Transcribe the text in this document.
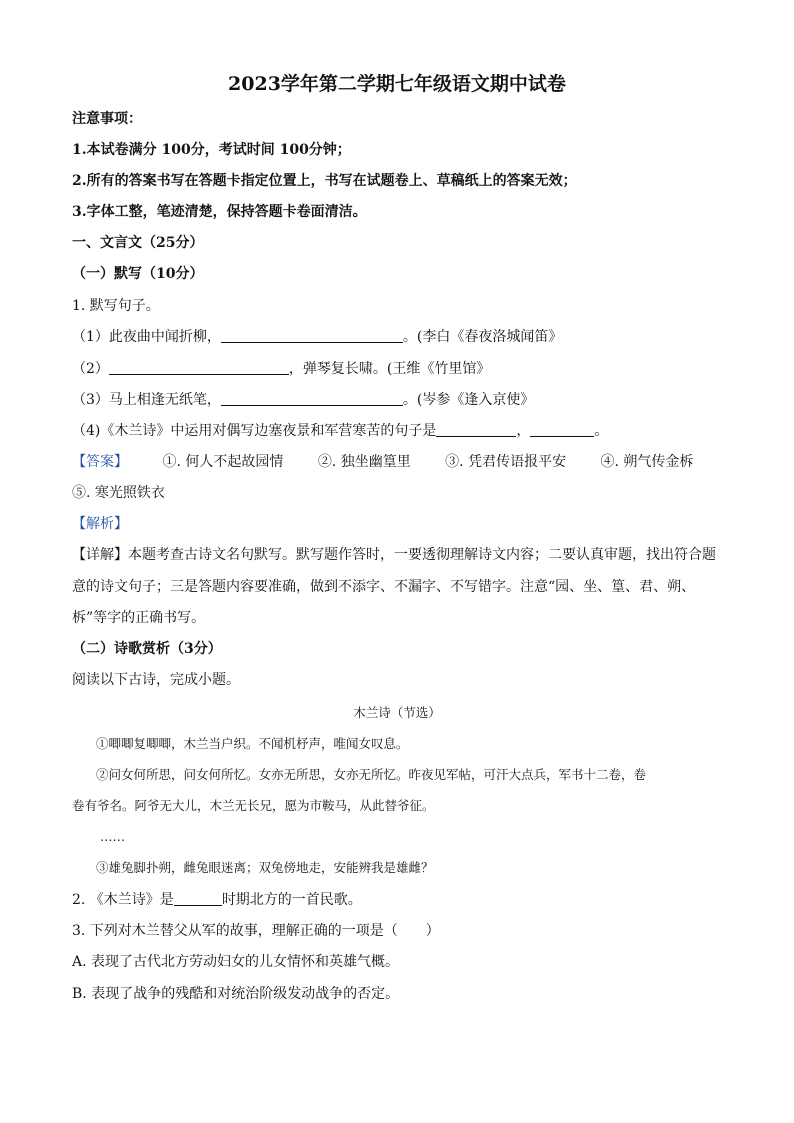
2023学年第二学期七年级语文期中试卷
注意事项：
1.本试卷满分 100分，考试时间 100分钟；
2.所有的答案书写在答题卡指定位置上，书写在试题卷上、草稿纸上的答案无效；
3.字体工整，笔迹清楚，保持答题卡卷面清洁。
一、文言文（25分）
（一）默写（10分）
1. 默写句子。
（1）此夜曲中闻折柳，	。(李白《春夜洛城闻笛》
（2）	，弹琴复长啸。(王维《竹里馆》
（3）马上相逢无纸笔，	。(岑参《逢入京使》
（4)《木兰诗》中运用对偶写边塞夜景和军营寒苦的句子是	，	。
【答案】 ①. 何人不起故园情 ②. 独坐幽篁里 ③. 凭君传语报平安 ④. 朔气传金柝
⑤. 寒光照铁衣
【解析】
【详解】本题考查古诗文名句默写。默写题作答时，一要透彻理解诗文内容；二要认真审题，找出符合题
意的诗文句子；三是答题内容要准确，做到不添字、不漏字、不写错字。注意“园、坐、篁、君、朔、
柝”等字的正确书写。
（二）诗歌赏析（3分）
阅读以下古诗，完成小题。
木兰诗（节选）
①唧唧复唧唧，木兰当户织。不闻机杼声，唯闻女叹息。
②问女何所思，问女何所忆。女亦无所思，女亦无所忆。昨夜见军帖，可汗大点兵，军书十二卷，卷
卷有爷名。阿爷无大儿，木兰无长兄，愿为市鞍马，从此替爷征。
……
③雄兔脚扑朔，雌兔眼迷离；双兔傍地走，安能辨我是雄雌？
2. 《木兰诗》是	时期北方的一首民歌。
3. 下列对木兰替父从军的故事，理解正确的一项是（　　）
A. 表现了古代北方劳动妇女的儿女情怀和英雄气概。
B. 表现了战争的残酷和对统治阶级发动战争的否定。
